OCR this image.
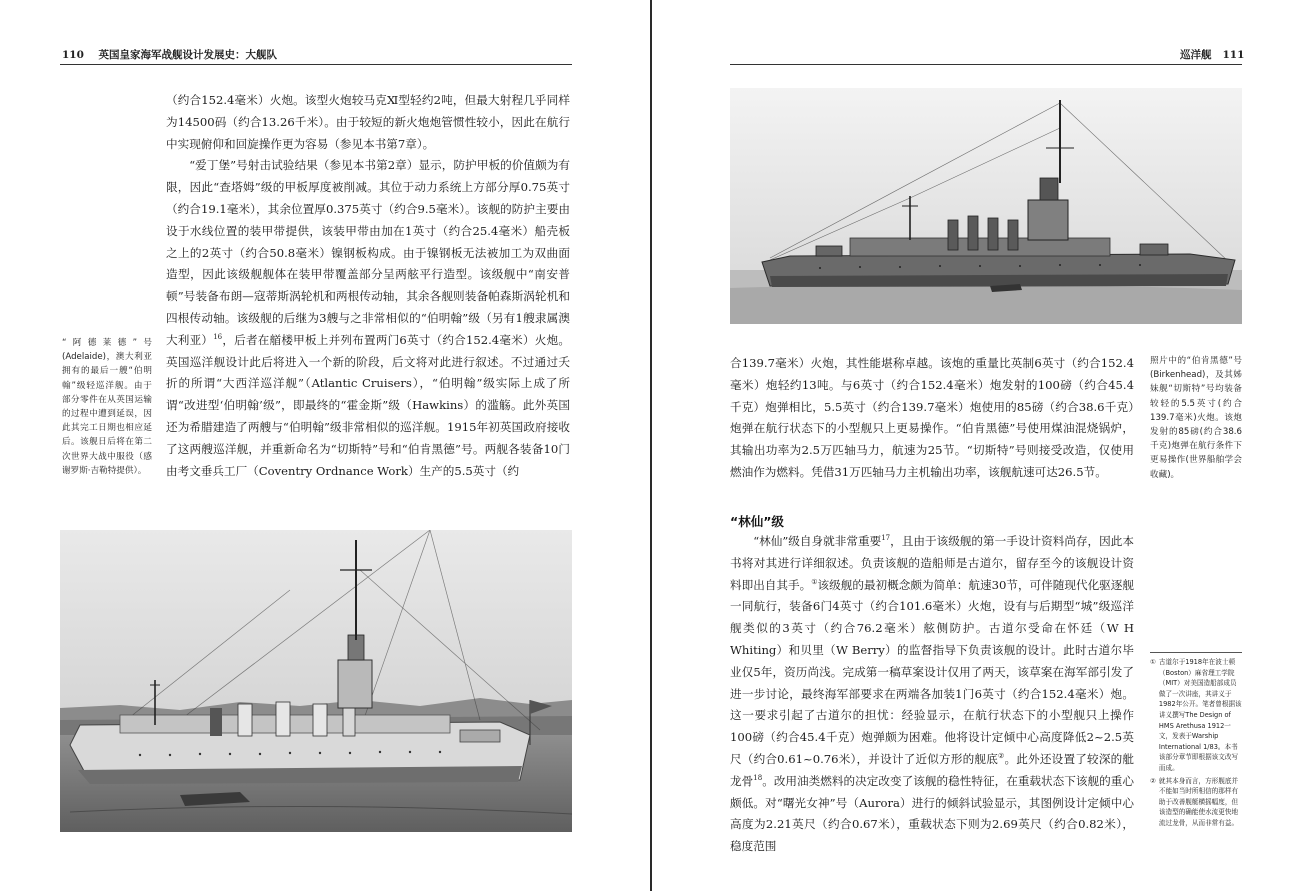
110 英国皇家海军战舰设计发展史：大舰队

（约合152.4毫米）火炮。该型火炮较马克Ⅺ型轻约2吨，但最大射程几乎同样为14500码（约合13.26千米）。由于较短的新火炮炮管惯性较小，因此在航行中实现俯仰和回旋操作更为容易（参见本书第7章）。

“爱丁堡”号射击试验结果（参见本书第2章）显示，防护甲板的价值颇为有限，因此“查塔姆”级的甲板厚度被削减。其位于动力系统上方部分厚0.75英寸（约合19.1毫米），其余位置厚0.375英寸（约合9.5毫米）。该舰的防护主要由设于水线位置的装甲带提供，该装甲带由加在1英寸（约合25.4毫米）船壳板之上的2英寸（约合50.8毫米）镍钢板构成。由于镍钢板无法被加工为双曲面造型，因此该级舰舰体在装甲带覆盖部分呈两舷平行造型。该级舰中“南安普顿”号装备布朗—寇蒂斯涡轮机和两根传动轴，其余各舰则装备帕森斯涡轮机和四根传动轴。该级舰的后继为3艘与之非常相似的“伯明翰”级（另有1艘隶属澳大利亚）$^{16}$，后者在艏楼甲板上并列布置两门6英寸（约合152.4毫米）火炮。英国巡洋舰设计此后将进入一个新的阶段，后文将对此进行叙述。不过通过夭折的所谓“大西洋巡洋舰”（Atlantic Cruisers），“伯明翰”级实际上成了所谓“改进型‘伯明翰’级”，即最终的“霍金斯”级（Hawkins）的滥觞。此外英国还为希腊建造了两艘与“伯明翰”级非常相似的巡洋舰。1915年初英国政府接收了这两艘巡洋舰，并重新命名为“切斯特”号和“伯肯黑德”号。两舰各装备10门由考文垂兵工厂（Coventry Ordnance Work）生产的5.5英寸（约

“阿德莱德”号(Adelaide)，澳大利亚拥有的最后一艘“伯明翰”级轻巡洋舰。由于部分零件在从英国运输的过程中遭到延误，因此其完工日期也相应延后。该舰日后将在第二次世界大战中服役（感谢罗斯·吉勒特提供）。
巡洋舰 111

合139.7毫米）火炮，其性能堪称卓越。该炮的重量比英制6英寸（约合152.4毫米）炮轻约13吨。与6英寸（约合152.4毫米）炮发射的100磅（约合45.4千克）炮弹相比，5.5英寸（约合139.7毫米）炮使用的85磅（约合38.6千克）炮弹在航行状态下的小型舰只上更易操作。“伯肯黑德”号使用煤油混烧锅炉，其输出功率为2.5万匹轴马力，航速为25节。“切斯特”号则接受改造，仅使用燃油作为燃料。凭借31万匹轴马力主机输出功率，该舰航速可达26.5节。

照片中的“伯肯黑德”号(Birkenhead)，及其姊妹舰“切斯特”号均装备较轻的5.5英寸(约合139.7毫米)火炮。该炮发射的85磅(约合38.6千克)炮弹在航行条件下更易操作(世界船舶学会收藏)。
“林仙”级

“林仙”级自身就非常重要$^{17}$，且由于该级舰的第一手设计资料尚存，因此本书将对其进行详细叙述。负责该舰的造船师是古道尔，留存至今的该舰设计资料即出自其手。①该级舰的最初概念颇为简单：航速30节，可伴随现代化驱逐舰一同航行，装备6门4英寸（约合101.6毫米）火炮，设有与后期型“城”级巡洋舰类似的3英寸（约合76.2毫米）舷侧防护。古道尔受命在怀廷（W H Whiting）和贝里（W Berry）的监督指导下负责该舰的设计。此时古道尔毕业仅5年，资历尚浅。完成第一稿草案设计仅用了两天，该草案在海军部引发了进一步讨论，最终海军部要求在两端各加装1门6英寸（约合152.4毫米）炮。这一要求引起了古道尔的担忧：经验显示，在航行状态下的小型舰只上操作100磅（约合45.4千克）炮弹颇为困难。他将设计定倾中心高度降低2~2.5英尺（约合0.61~0.76米），并设计了近似方形的舰底②。此外还设置了较深的舭龙骨$^{18}$。改用油类燃料的决定改变了该舰的稳性特征，在重载状态下该舰的重心颇低。对“曙光女神”号（Aurora）进行的倾斜试验显示，其图例设计定倾中心高度为2.21英尺（约合0.67米），重载状态下则为2.69英尺（约合0.82米），稳度范围

① 古道尔于1918年在波士顿（Boston）麻省理工学院（MIT）对美国造船部成员做了一次讲座，其讲义于1982年公开。笔者曾根据该讲义撰写The Design of HMS Arethusa 1912一文，发表于Warship International 1/83。本书该部分章节即根据该文改写而成。
② 就其本身而言，方形舰底并不能如当时所相信的那样有助于改善舰艇横摇幅度，但该造型的确能使水流更快地流过龙骨，从而非常有益。
